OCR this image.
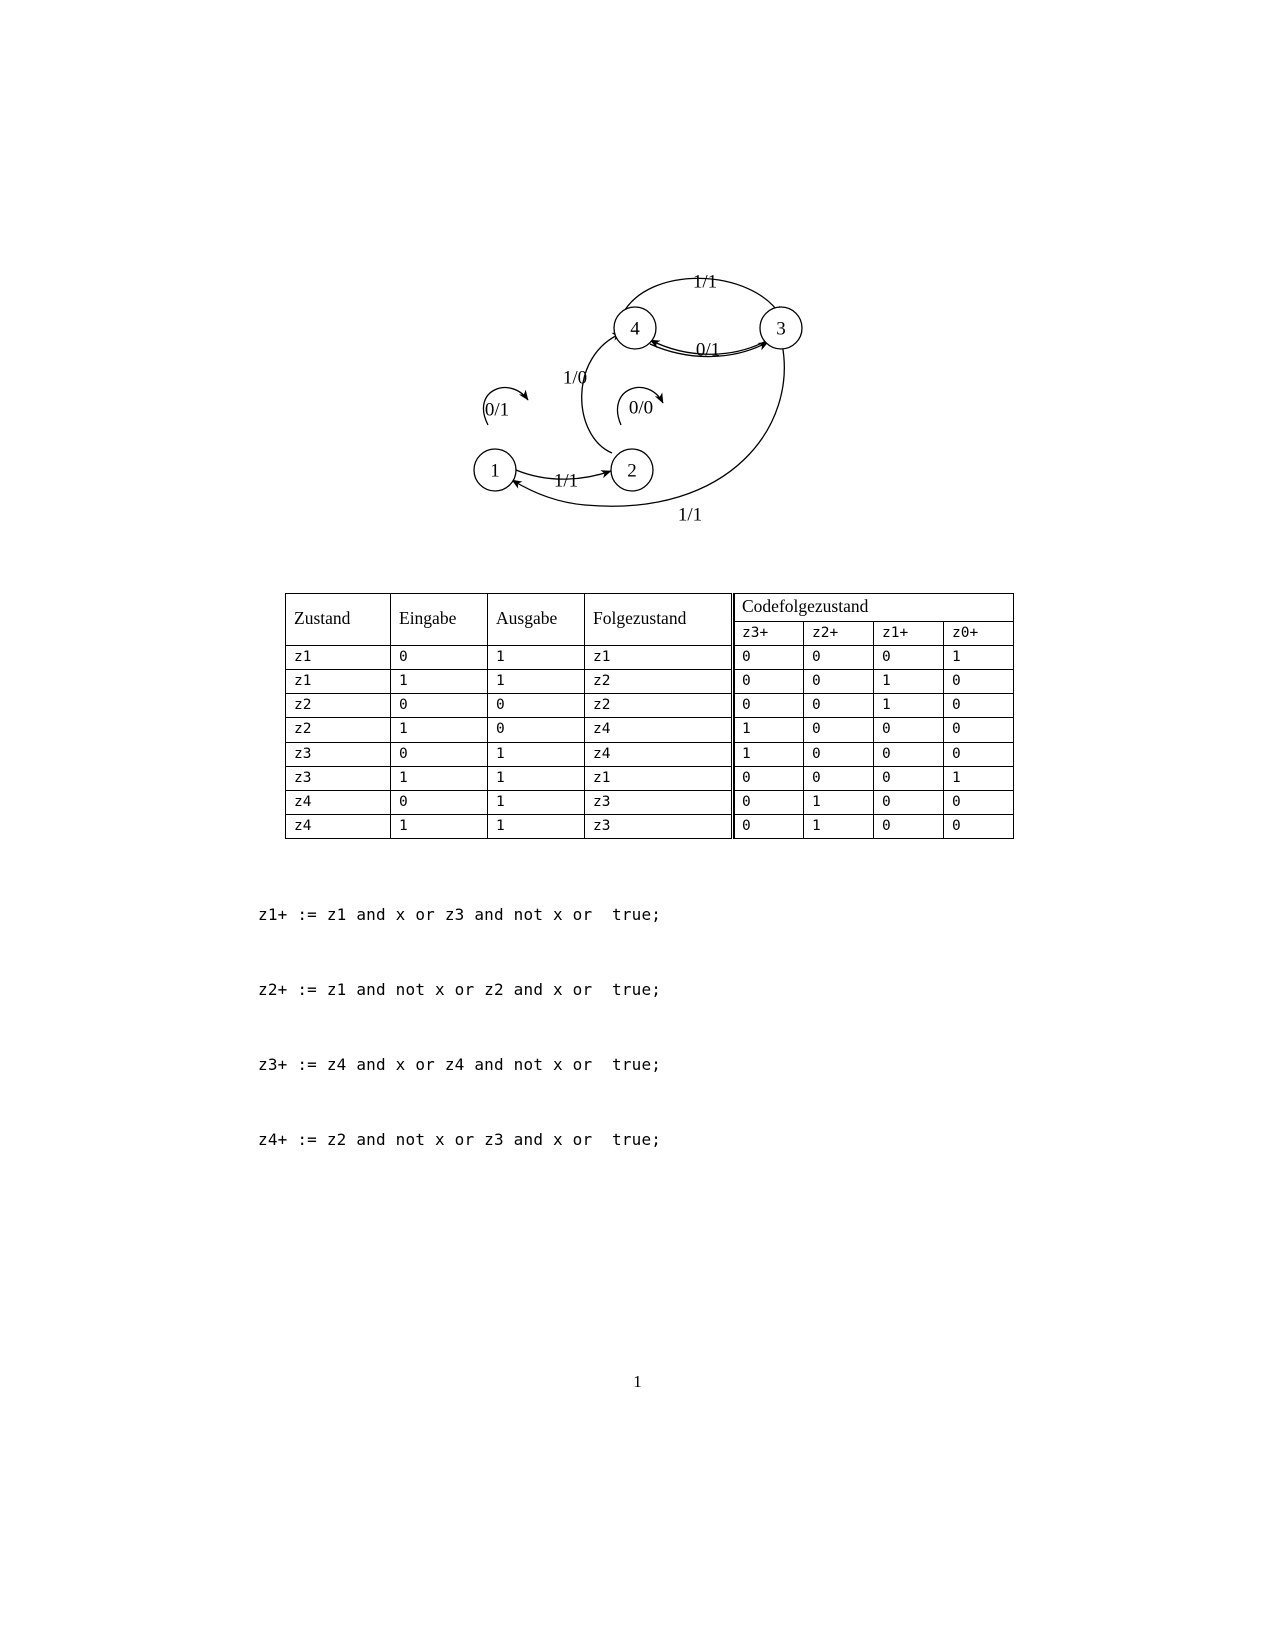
4	3
1	2
0/1
1/1
0/0
1/0
0/1
1/1
1/1
Zustand	Eingabe	Ausgabe	Folgezustand	Codefolgezustand			
				z3+	z2+	z1+	z0+
z1	0	1	z1	0	0	0	1
z1	1	1	z2	0	0	1	0
z2	0	0	z2	0	0	1	0
z2	1	0	z4	1	0	0	0
z3	0	1	z4	1	0	0	0
z3	1	1	z1	0	0	0	1
z4	0	1	z3	0	1	0	0
z4	1	1	z3	0	1	0	0

z1+ := z1 and x or z3 and not x or  true;

z2+ := z1 and not x or z2 and x or  true;

z3+ := z4 and x or z4 and not x or  true;

z4+ := z2 and not x or z3 and x or  true;

1
